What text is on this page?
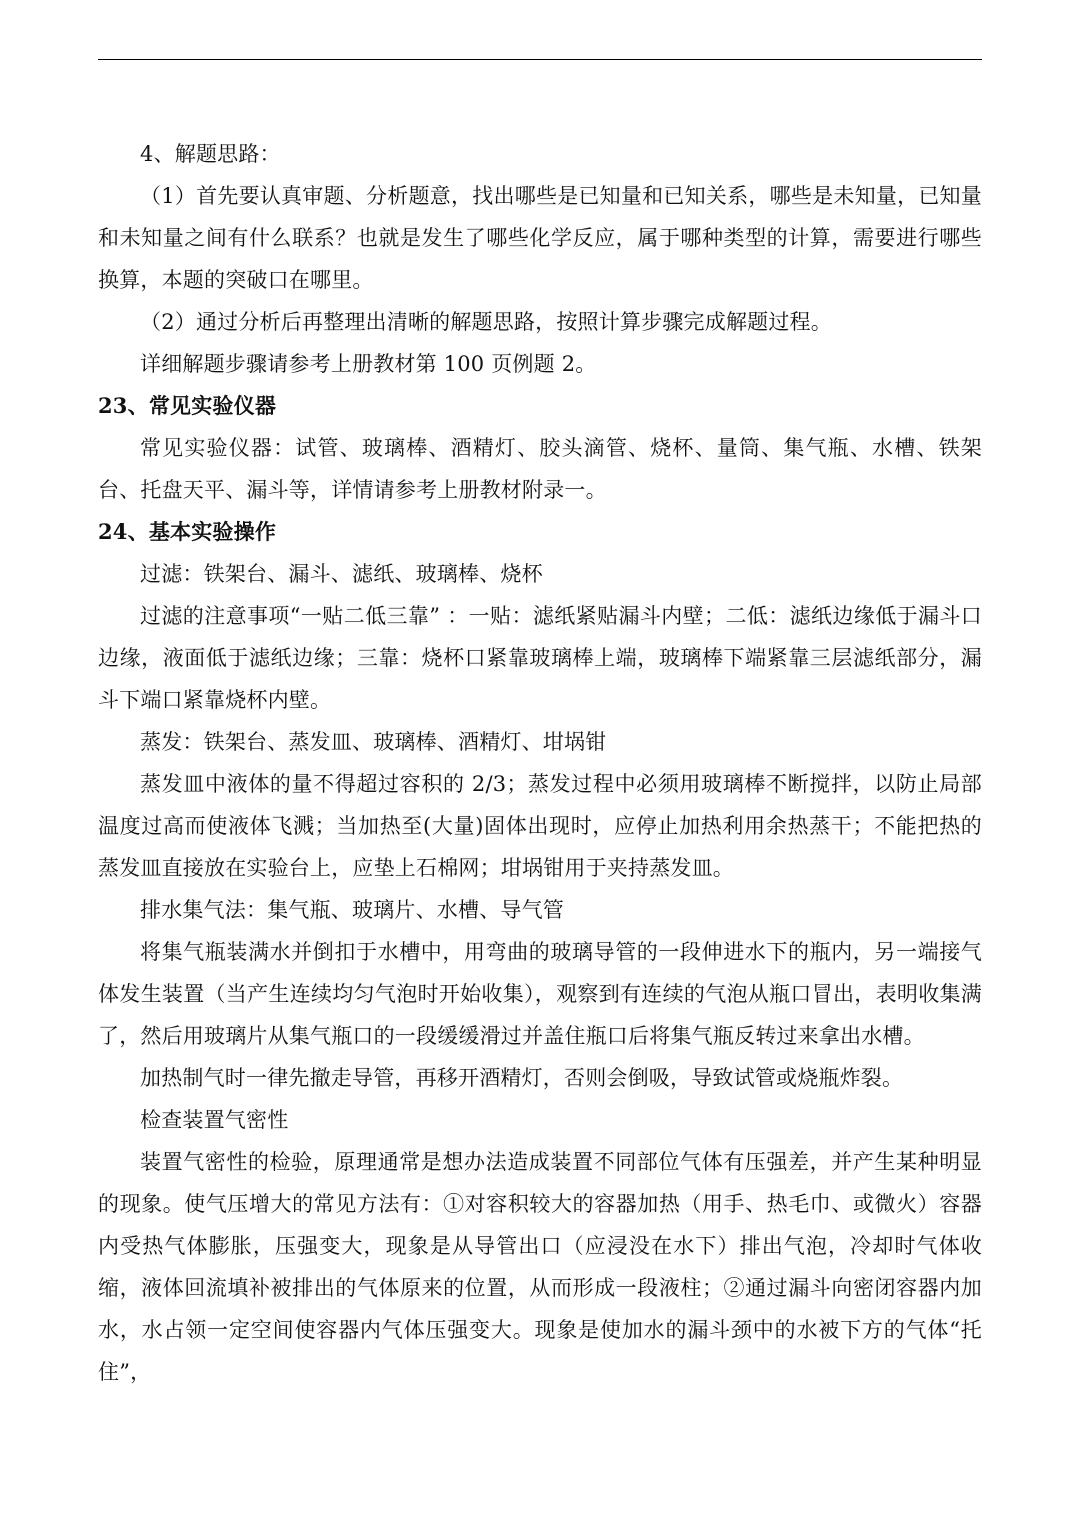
4、解题思路：

（1）首先要认真审题、分析题意，找出哪些是已知量和已知关系，哪些是未知量，已知量和未知量之间有什么联系？也就是发生了哪些化学反应，属于哪种类型的计算，需要进行哪些换算，本题的突破口在哪里。

（2）通过分析后再整理出清晰的解题思路，按照计算步骤完成解题过程。

详细解题步骤请参考上册教材第 100 页例题 2。

23、常见实验仪器

常见实验仪器：试管、玻璃棒、酒精灯、胶头滴管、烧杯、量筒、集气瓶、水槽、铁架台、托盘天平、漏斗等，详情请参考上册教材附录一。

24、基本实验操作

过滤：铁架台、漏斗、滤纸、玻璃棒、烧杯

过滤的注意事项“一贴二低三靠” ：一贴：滤纸紧贴漏斗内壁；二低：滤纸边缘低于漏斗口边缘，液面低于滤纸边缘；三靠：烧杯口紧靠玻璃棒上端，玻璃棒下端紧靠三层滤纸部分，漏斗下端口紧靠烧杯内壁。

蒸发：铁架台、蒸发皿、玻璃棒、酒精灯、坩埚钳

蒸发皿中液体的量不得超过容积的 2/3；蒸发过程中必须用玻璃棒不断搅拌，以防止局部温度过高而使液体飞溅；当加热至(大量)固体出现时，应停止加热利用余热蒸干；不能把热的蒸发皿直接放在实验台上，应垫上石棉网；坩埚钳用于夹持蒸发皿。

排水集气法：集气瓶、玻璃片、水槽、导气管

将集气瓶装满水并倒扣于水槽中，用弯曲的玻璃导管的一段伸进水下的瓶内，另一端接气体发生装置（当产生连续均匀气泡时开始收集），观察到有连续的气泡从瓶口冒出，表明收集满了，然后用玻璃片从集气瓶口的一段缓缓滑过并盖住瓶口后将集气瓶反转过来拿出水槽。

加热制气时一律先撤走导管，再移开酒精灯，否则会倒吸，导致试管或烧瓶炸裂。

检查装置气密性

装置气密性的检验，原理通常是想办法造成装置不同部位气体有压强差，并产生某种明显的现象。使气压增大的常见方法有：①对容积较大的容器加热（用手、热毛巾、或微火）容器内受热气体膨胀，压强变大，现象是从导管出口（应浸没在水下）排出气泡，冷却时气体收缩，液体回流填补被排出的气体原来的位置，从而形成一段液柱；②通过漏斗向密闭容器内加水，水占领一定空间使容器内气体压强变大。现象是使加水的漏斗颈中的水被下方的气体“托住”，
